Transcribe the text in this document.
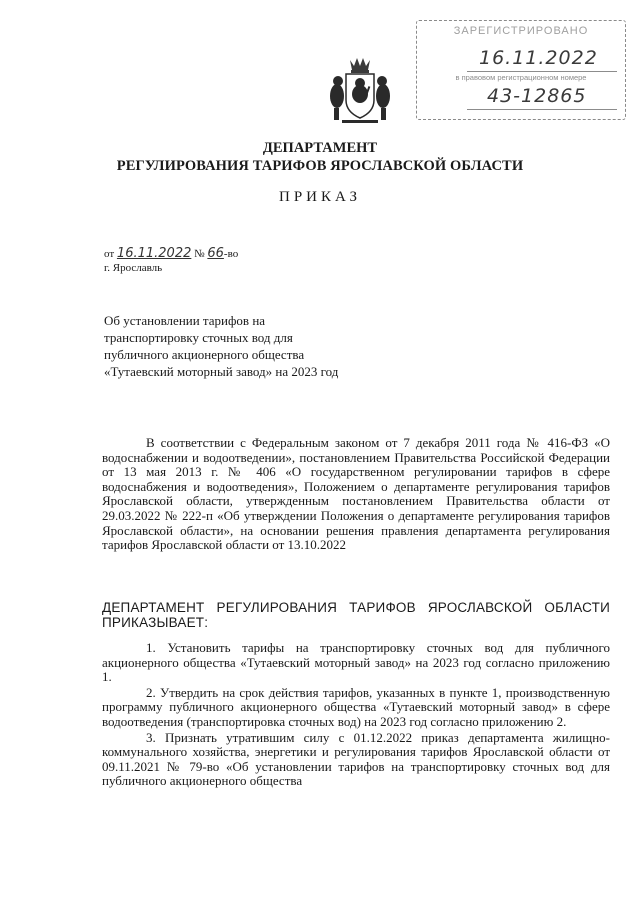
ЗАРЕГИСТРИРОВАНО
16.11.2022
в правовом регистрационном номере
43-12865
ДЕПАРТАМЕНТ
РЕГУЛИРОВАНИЯ ТАРИФОВ ЯРОСЛАВСКОЙ ОБЛАСТИ
ПРИКАЗ
от 16.11.2022 № 66-во
г. Ярославль
Об установлении тарифов на транспортировку сточных вод для публичного акционерного общества «Тутаевский моторный завод» на 2023 год

В соответствии с Федеральным законом от 7 декабря 2011 года № 416-ФЗ «О водоснабжении и водоотведении», постановлением Правительства Российской Федерации от 13 мая 2013 г. № 406 «О государственном регулировании тарифов в сфере водоснабжения и водоотведения», Положением о департаменте регулирования тарифов Ярославской области, утвержденным постановлением Правительства области от 29.03.2022 № 222-п «Об утверждении Положения о департаменте регулирования тарифов Ярославской области», на основании решения правления департамента регулирования тарифов Ярославской области от 13.10.2022

ДЕПАРТАМЕНТ РЕГУЛИРОВАНИЯ ТАРИФОВ ЯРОСЛАВСКОЙ ОБЛАСТИ ПРИКАЗЫВАЕТ:

1. Установить тарифы на транспортировку сточных вод для публичного акционерного общества «Тутаевский моторный завод» на 2023 год согласно приложению 1.

2. Утвердить на срок действия тарифов, указанных в пункте 1, производственную программу публичного акционерного общества «Тутаевский моторный завод» в сфере водоотведения (транспортировка сточных вод) на 2023 год согласно приложению 2.

3. Признать утратившим силу с 01.12.2022 приказ департамента жилищно-коммунального хозяйства, энергетики и регулирования тарифов Ярославской области от 09.11.2021 № 79-во «Об установлении тарифов на транспортировку сточных вод для публичного акционерного общества
